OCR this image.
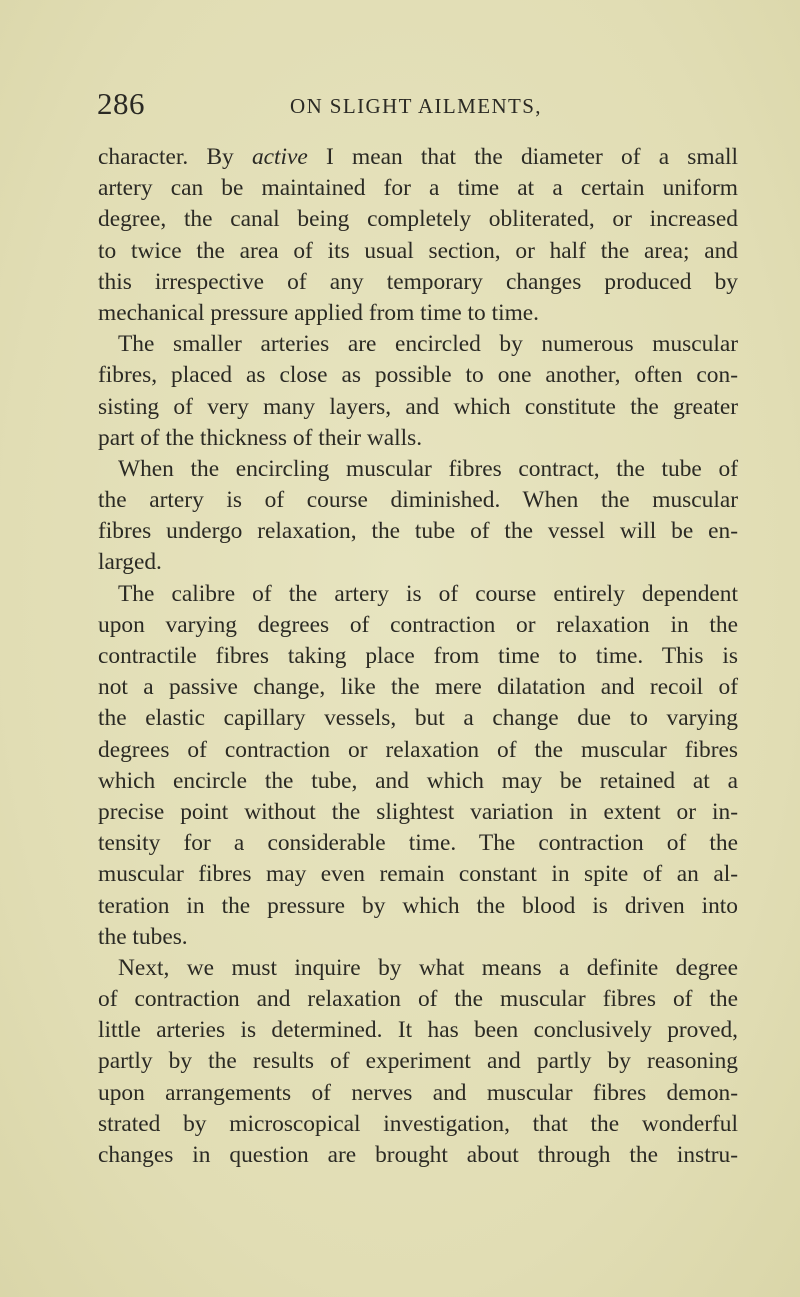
286	ON SLIGHT AILMENTS,
character. By active I mean that the diameter of a small
artery can be maintained for a time at a certain uniform
degree, the canal being completely obliterated, or increased
to twice the area of its usual section, or half the area; and
this irrespective of any temporary changes produced by
mechanical pressure applied from time to time.
The smaller arteries are encircled by numerous muscular
fibres, placed as close as possible to one another, often con-
sisting of very many layers, and which constitute the greater
part of the thickness of their walls.
When the encircling muscular fibres contract, the tube of
the artery is of course diminished. When the muscular
fibres undergo relaxation, the tube of the vessel will be en-
larged.
The calibre of the artery is of course entirely dependent
upon varying degrees of contraction or relaxation in the
contractile fibres taking place from time to time. This is
not a passive change, like the mere dilatation and recoil of
the elastic capillary vessels, but a change due to varying
degrees of contraction or relaxation of the muscular fibres
which encircle the tube, and which may be retained at a
precise point without the slightest variation in extent or in-
tensity for a considerable time. The contraction of the
muscular fibres may even remain constant in spite of an al-
teration in the pressure by which the blood is driven into
the tubes.
Next, we must inquire by what means a definite degree
of contraction and relaxation of the muscular fibres of the
little arteries is determined. It has been conclusively proved,
partly by the results of experiment and partly by reasoning
upon arrangements of nerves and muscular fibres demon-
strated by microscopical investigation, that the wonderful
changes in question are brought about through the instru-
